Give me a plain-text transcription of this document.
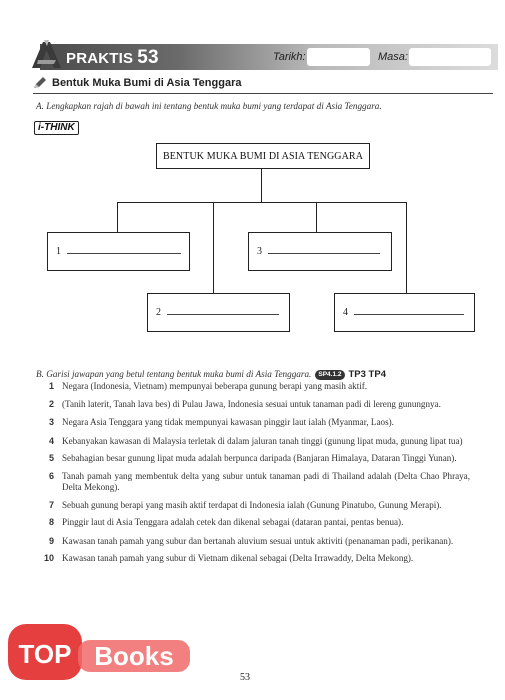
PRAKTIS 53	Tarikh:	Masa:
Bentuk Muka Bumi di Asia Tenggara
A. Lengkapkan rajah di bawah ini tentang bentuk muka bumi yang terdapat di Asia Tenggara.
i-THINK
BENTUK MUKA BUMI DI ASIA TENGGARA
1	3
2	4
B. Garisi jawapan yang betul tentang bentuk muka bumi di Asia Tenggara. SP4.1.2 TP3 TP4
1 Negara (Indonesia, Vietnam) mempunyai beberapa gunung berapi yang masih aktif.
2 (Tanih laterit, Tanah lava bes) di Pulau Jawa, Indonesia sesuai untuk tanaman padi di lereng gunungnya.
3 Negara Asia Tenggara yang tidak mempunyai kawasan pinggir laut ialah (Myanmar, Laos).
4 Kebanyakan kawasan di Malaysia terletak di dalam jaluran tanah tinggi (gunung lipat muda, gunung lipat tua)
5 Sebahagian besar gunung lipat muda adalah berpunca daripada (Banjaran Himalaya, Dataran Tinggi Yunan).
6 Tanah pamah yang membentuk delta yang subur untuk tanaman padi di Thailand adalah (Delta Chao Phraya, Delta Mekong).
7 Sebuah gunung berapi yang masih aktif terdapat di Indonesia ialah (Gunung Pinatubo, Gunung Merapi).
8 Pinggir laut di Asia Tenggara adalah cetek dan dikenal sebagai (dataran pantai, pentas benua).
9 Kawasan tanah pamah yang subur dan bertanah aluvium sesuai untuk aktiviti (penanaman padi, perikanan).
10 Kawasan tanah pamah yang subur di Vietnam dikenal sebagai (Delta Irrawaddy, Delta Mekong).
TOP Books
53
